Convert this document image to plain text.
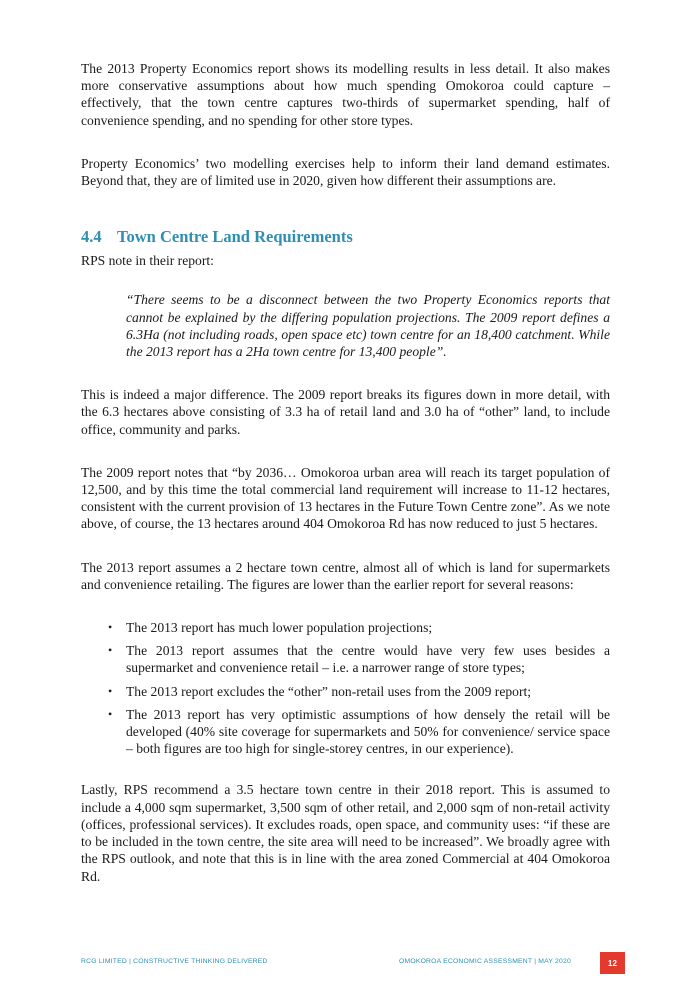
The 2013 Property Economics report shows its modelling results in less detail. It also makes more conservative assumptions about how much spending Omokoroa could capture – effectively, that the town centre captures two-thirds of supermarket spending, half of convenience spending, and no spending for other store types.

Property Economics’ two modelling exercises help to inform their land demand estimates. Beyond that, they are of limited use in 2020, given how different their assumptions are.

4.4 Town Centre Land Requirements

RPS note in their report:

“There seems to be a disconnect between the two Property Economics reports that cannot be explained by the differing population projections. The 2009 report defines a 6.3Ha (not including roads, open space etc) town centre for an 18,400 catchment. While the 2013 report has a 2Ha town centre for 13,400 people”.

This is indeed a major difference. The 2009 report breaks its figures down in more detail, with the 6.3 hectares above consisting of 3.3 ha of retail land and 3.0 ha of “other” land, to include office, community and parks.

The 2009 report notes that “by 2036… Omokoroa urban area will reach its target population of 12,500, and by this time the total commercial land requirement will increase to 11-12 hectares, consistent with the current provision of 13 hectares in the Future Town Centre zone”. As we note above, of course, the 13 hectares around 404 Omokoroa Rd has now reduced to just 5 hectares.

The 2013 report assumes a 2 hectare town centre, almost all of which is land for supermarkets and convenience retailing. The figures are lower than the earlier report for several reasons:

• The 2013 report has much lower population projections;
• The 2013 report assumes that the centre would have very few uses besides a supermarket and convenience retail – i.e. a narrower range of store types;
• The 2013 report excludes the “other” non-retail uses from the 2009 report;
• The 2013 report has very optimistic assumptions of how densely the retail will be developed (40% site coverage for supermarkets and 50% for convenience/ service space – both figures are too high for single-storey centres, in our experience).

Lastly, RPS recommend a 3.5 hectare town centre in their 2018 report. This is assumed to include a 4,000 sqm supermarket, 3,500 sqm of other retail, and 2,000 sqm of non-retail activity (offices, professional services). It excludes roads, open space, and community uses: “if these are to be included in the town centre, the site area will need to be increased”. We broadly agree with the RPS outlook, and note that this is in line with the area zoned Commercial at 404 Omokoroa Rd.

RCG LIMITED | CONSTRUCTIVE THINKING DELIVERED	OMOKOROA ECONOMIC ASSESSMENT | MAY 2020	12
